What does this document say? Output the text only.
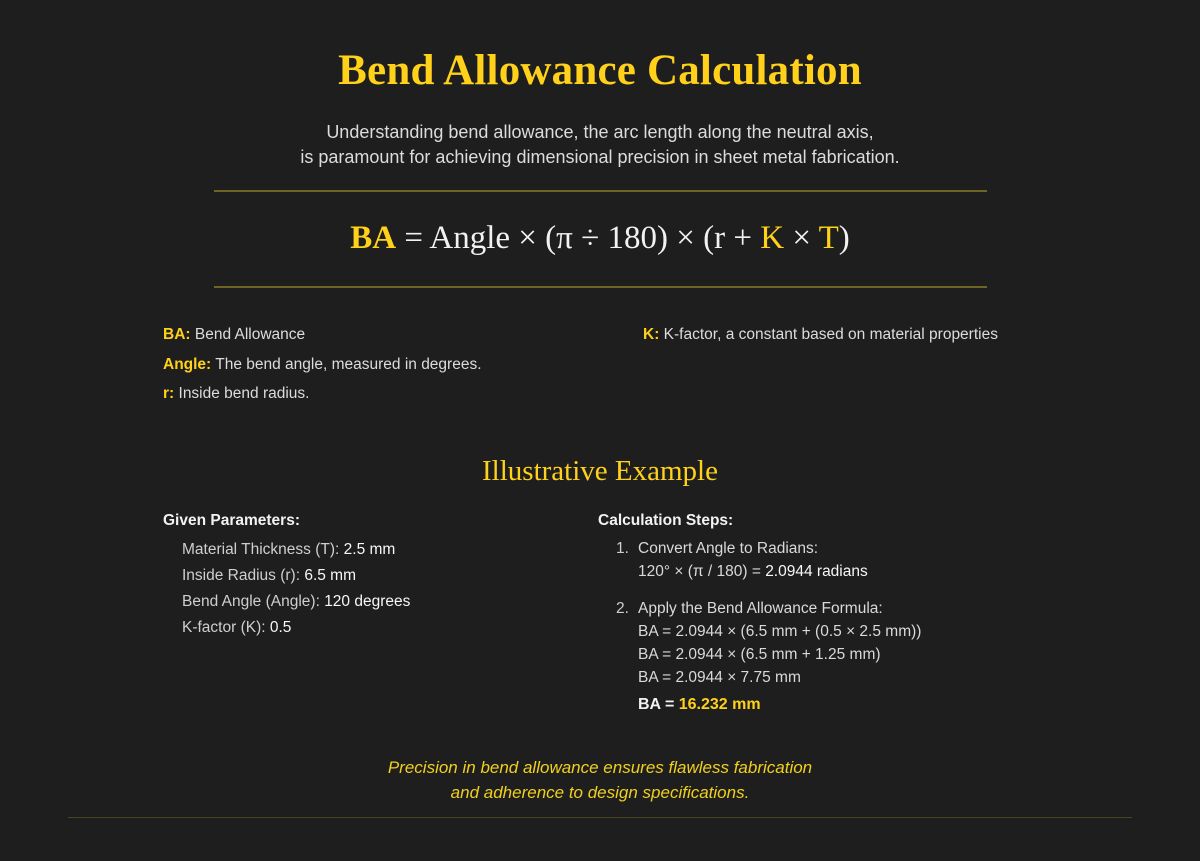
Bend Allowance Calculation
Understanding bend allowance, the arc length along the neutral axis,
is paramount for achieving dimensional precision in sheet metal fabrication.
BA = Angle × (π ÷ 180) × (r + K × T)
BA: Bend Allowance
Angle: The bend angle, measured in degrees.
r: Inside bend radius.
K: K-factor, a constant based on material properties
Illustrative Example
Given Parameters:
Material Thickness (T): 2.5 mm
Inside Radius (r): 6.5 mm
Bend Angle (Angle): 120 degrees
K-factor (K): 0.5
Calculation Steps:
Convert Angle to Radians:
120° × (π / 180) = 2.0944 radians
Apply the Bend Allowance Formula:
BA = 2.0944 × (6.5 mm + (0.5 × 2.5 mm))
BA = 2.0944 × (6.5 mm + 1.25 mm)
BA = 2.0944 × 7.75 mm
BA = 16.232 mm
Precision in bend allowance ensures flawless fabrication
and adherence to design specifications.
